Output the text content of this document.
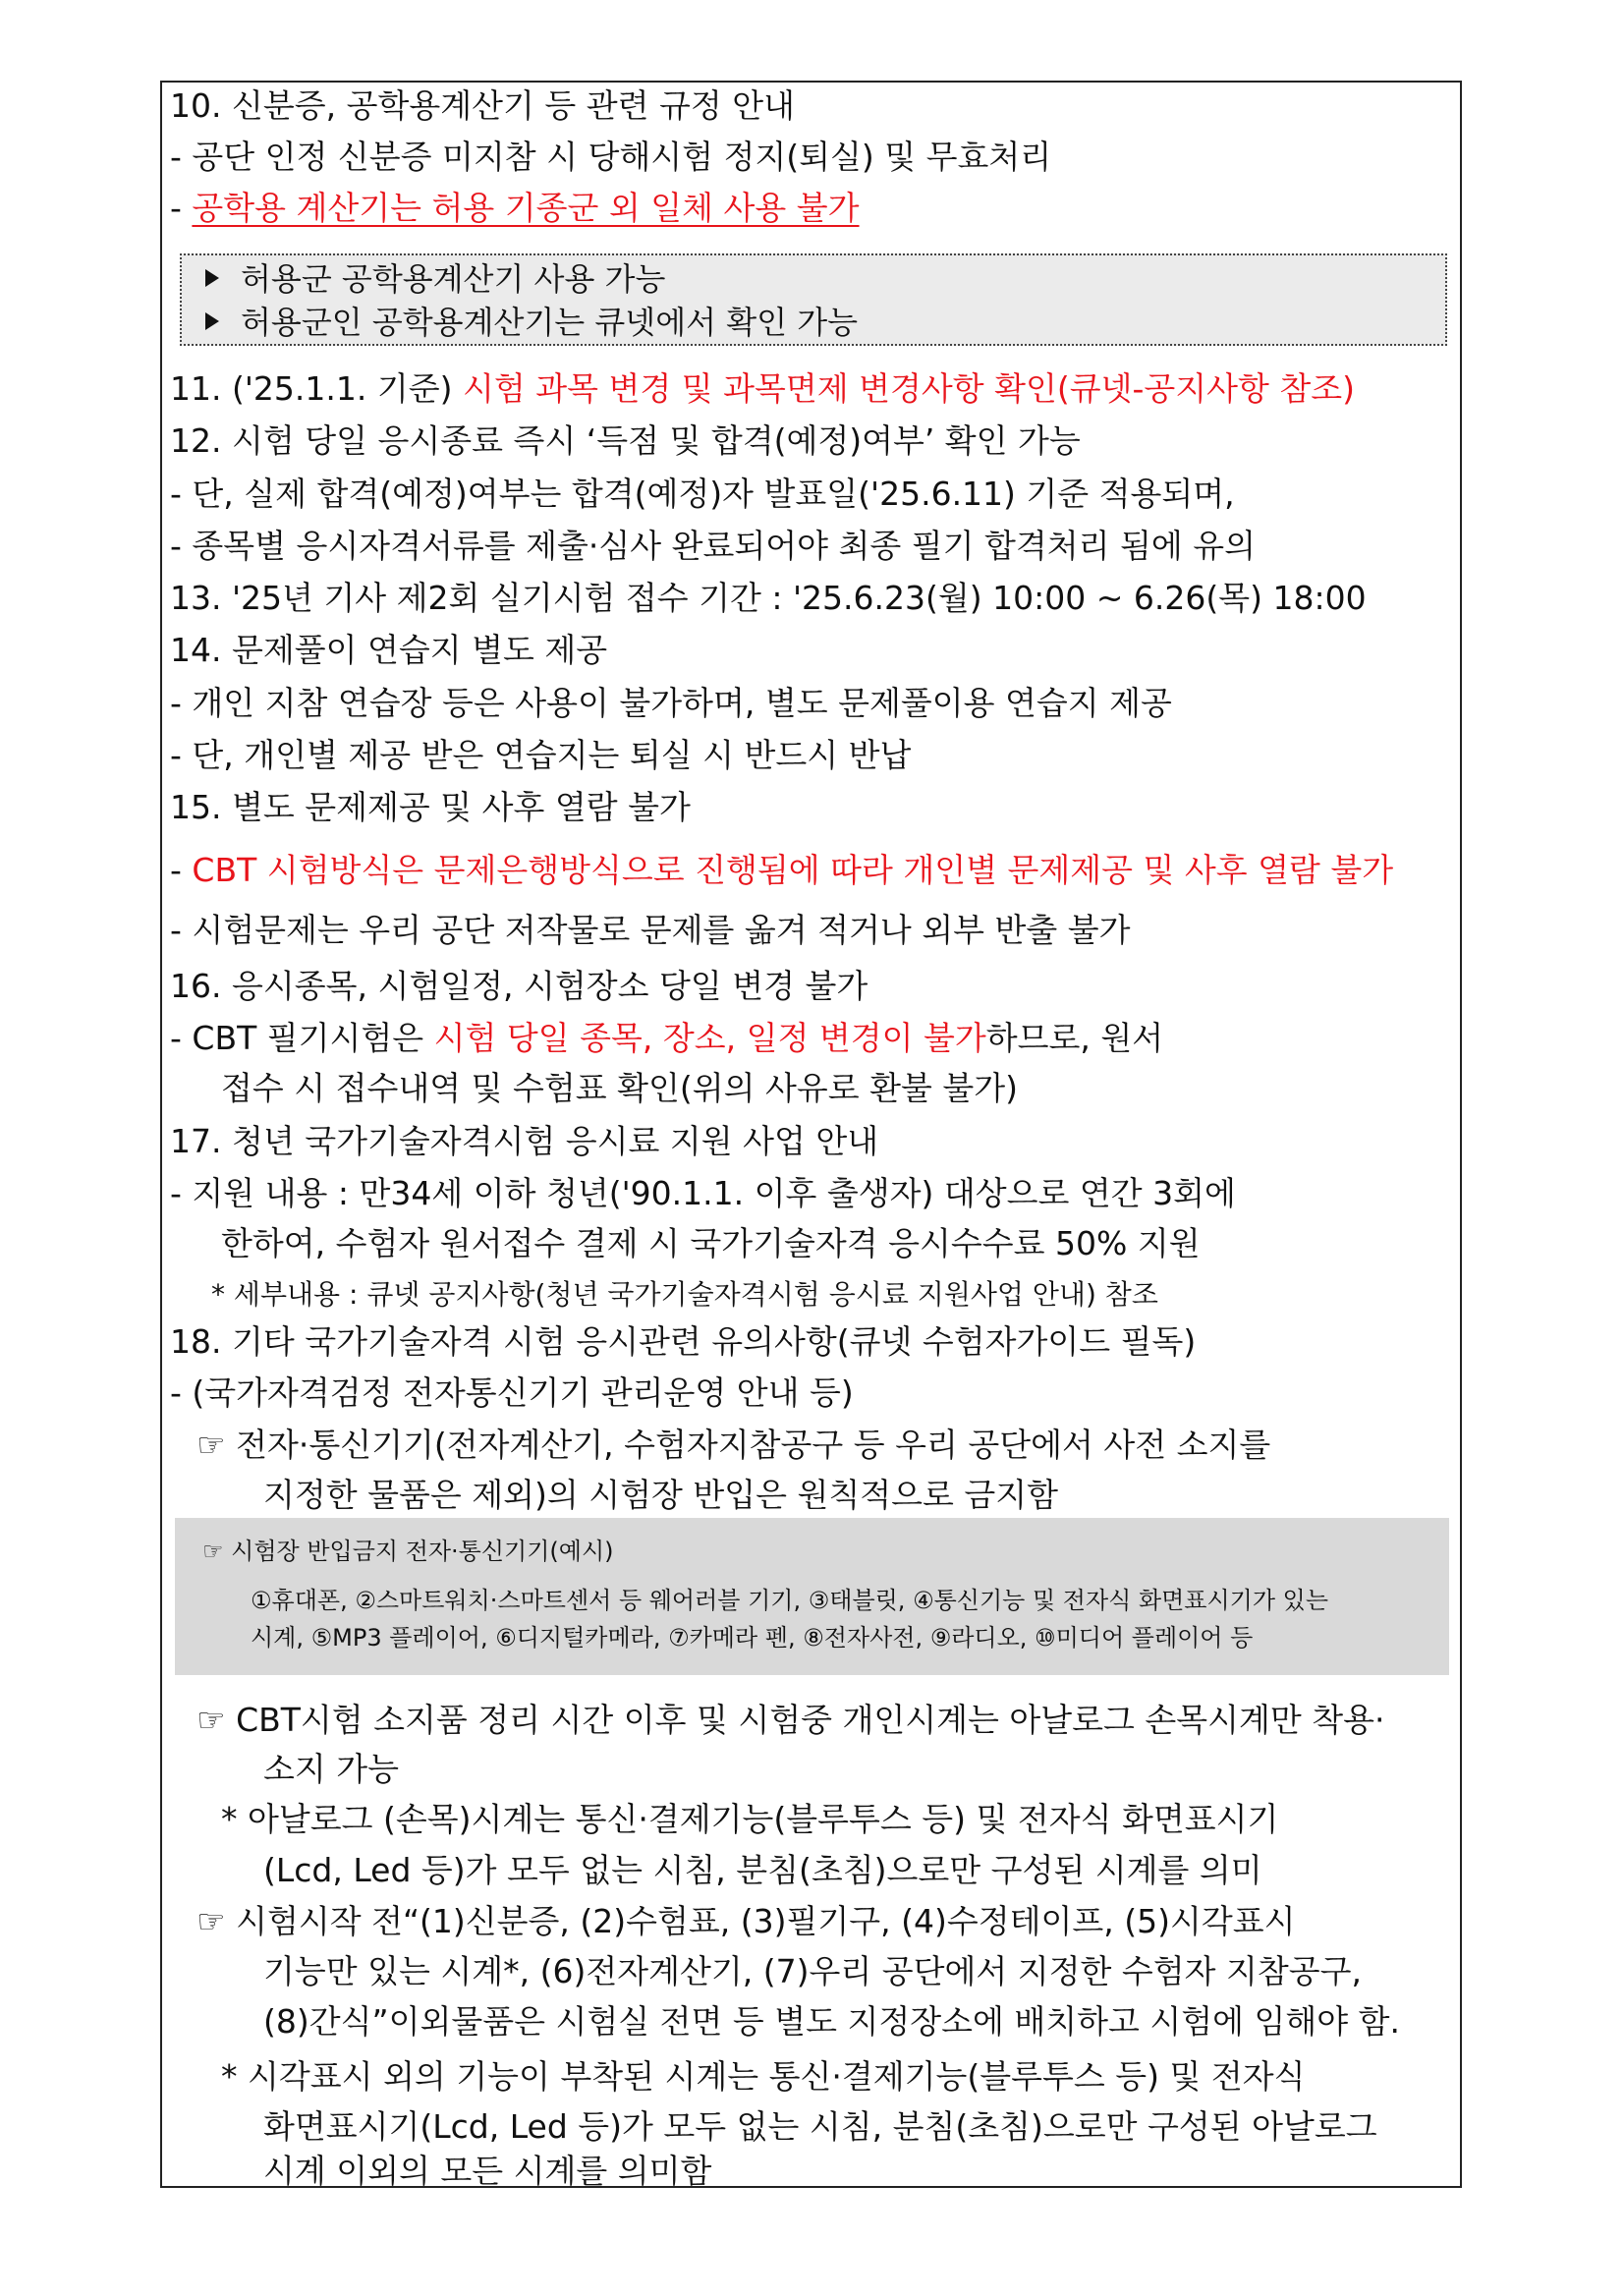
10. 신분증, 공학용계산기 등 관련 규정 안내
- 공단 인정 신분증 미지참 시 당해시험 정지(퇴실) 및 무효처리
- 공학용 계산기는 허용 기종군 외 일체 사용 불가
허용군 공학용계산기 사용 가능
허용군인 공학용계산기는 큐넷에서 확인 가능
11. ('25.1.1. 기준) 시험 과목 변경 및 과목면제 변경사항 확인(큐넷-공지사항 참조)
12. 시험 당일 응시종료 즉시 ‘득점 및 합격(예정)여부’ 확인 가능
- 단, 실제 합격(예정)여부는 합격(예정)자 발표일('25.6.11) 기준 적용되며,
- 종목별 응시자격서류를 제출·심사 완료되어야 최종 필기 합격처리 됨에 유의
13. '25년 기사 제2회 실기시험 접수 기간 : '25.6.23(월) 10:00 ~ 6.26(목) 18:00
14. 문제풀이 연습지 별도 제공
- 개인 지참 연습장 등은 사용이 불가하며, 별도 문제풀이용 연습지 제공
- 단, 개인별 제공 받은 연습지는 퇴실 시 반드시 반납
15. 별도 문제제공 및 사후 열람 불가
- CBT 시험방식은 문제은행방식으로 진행됨에 따라 개인별 문제제공 및 사후 열람 불가
- 시험문제는 우리 공단 저작물로 문제를 옮겨 적거나 외부 반출 불가
16. 응시종목, 시험일정, 시험장소 당일 변경 불가
- CBT 필기시험은 시험 당일 종목, 장소, 일정 변경이 불가하므로, 원서
접수 시 접수내역 및 수험표 확인(위의 사유로 환불 불가)
17. 청년 국가기술자격시험 응시료 지원 사업 안내
- 지원 내용 : 만34세 이하 청년('90.1.1. 이후 출생자) 대상으로 연간 3회에
한하여, 수험자 원서접수 결제 시 국가기술자격 응시수수료 50% 지원
* 세부내용 : 큐넷 공지사항(청년 국가기술자격시험 응시료 지원사업 안내) 참조
18. 기타 국가기술자격 시험 응시관련 유의사항(큐넷 수험자가이드 필독)
- (국가자격검정 전자통신기기 관리운영 안내 등)
☞ 전자·통신기기(전자계산기, 수험자지참공구 등 우리 공단에서 사전 소지를
지정한 물품은 제외)의 시험장 반입은 원칙적으로 금지함
☞ 시험장 반입금지 전자·통신기기(예시)
①휴대폰, ②스마트워치·스마트센서 등 웨어러블 기기, ③태블릿, ④통신기능 및 전자식 화면표시기가 있는
시계, ⑤MP3 플레이어, ⑥디지털카메라, ⑦카메라 펜, ⑧전자사전, ⑨라디오, ⑩미디어 플레이어 등
☞ CBT시험 소지품 정리 시간 이후 및 시험중 개인시계는 아날로그 손목시계만 착용·
소지 가능
* 아날로그 (손목)시계는 통신·결제기능(블루투스 등) 및 전자식 화면표시기
(Lcd, Led 등)가 모두 없는 시침, 분침(초침)으로만 구성된 시계를 의미
☞ 시험시작 전“(1)신분증, (2)수험표, (3)필기구, (4)수정테이프, (5)시각표시
기능만 있는 시계*, (6)전자계산기, (7)우리 공단에서 지정한 수험자 지참공구,
(8)간식”이외물품은 시험실 전면 등 별도 지정장소에 배치하고 시험에 임해야 함.
* 시각표시 외의 기능이 부착된 시계는 통신·결제기능(블루투스 등) 및 전자식
화면표시기(Lcd, Led 등)가 모두 없는 시침, 분침(초침)으로만 구성된 아날로그
시계 이외의 모든 시계를 의미함
